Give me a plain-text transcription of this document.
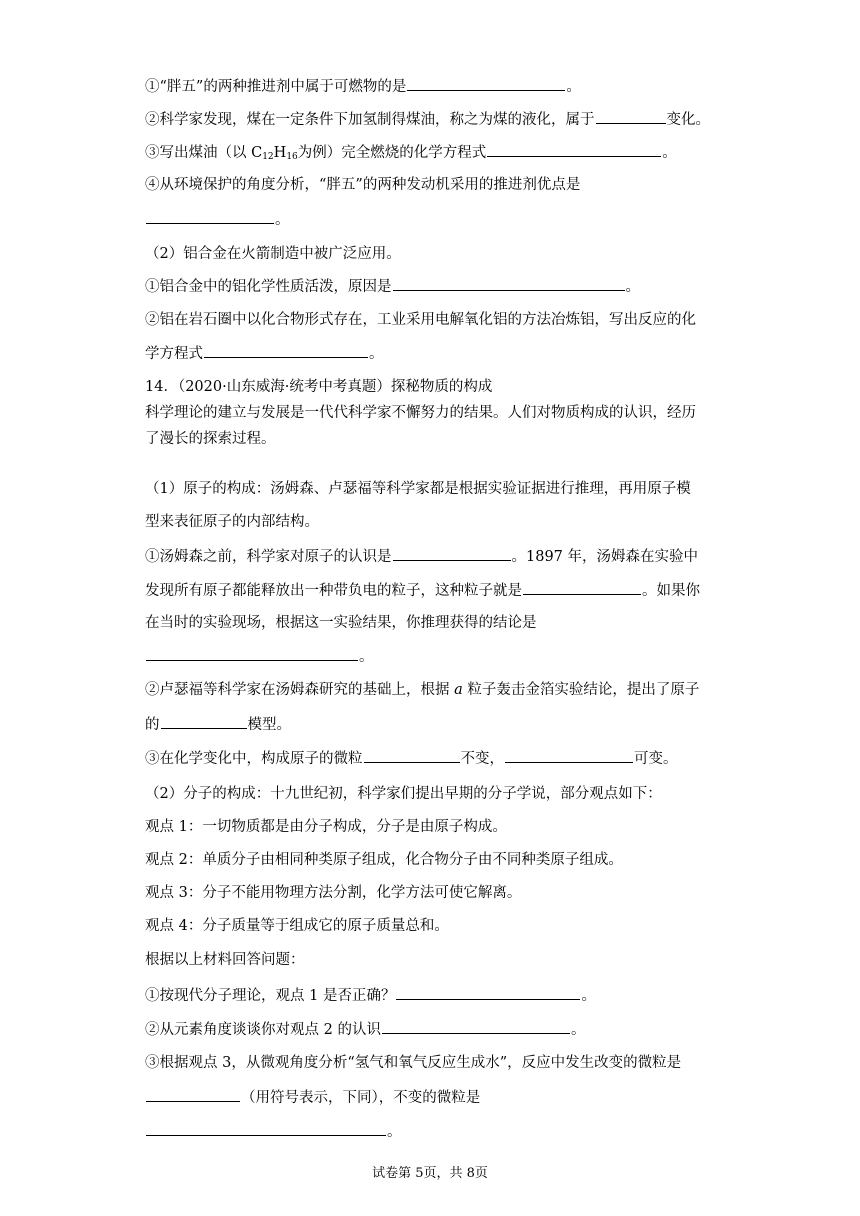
①“胖五”的两种推进剂中属于可燃物的是	。
②科学家发现，煤在一定条件下加氢制得煤油，称之为煤的液化，属于	变化。
③写出煤油（以 $C_{12}H_{16}$为例）完全燃烧的化学方程式	。
④从环境保护的角度分析，“胖五”的两种发动机采用的推进剂优点是
。
（2）铝合金在火箭制造中被广泛应用。
①铝合金中的铝化学性质活泼，原因是	。
②铝在岩石圈中以化合物形式存在，工业采用电解氧化铝的方法冶炼铝，写出反应的化
学方程式	。
14．（2020·山东威海·统考中考真题）探秘物质的构成
科学理论的建立与发展是一代代科学家不懈努力的结果。人们对物质构成的认识，经历
了漫长的探索过程。
（1）原子的构成：汤姆森、卢瑟福等科学家都是根据实验证据进行推理，再用原子模
型来表征原子的内部结构。
①汤姆森之前，科学家对原子的认识是	。1897 年，汤姆森在实验中
发现所有原子都能释放出一种带负电的粒子，这种粒子就是	。如果你
在当时的实验现场，根据这一实验结果，你推理获得的结论是
。
②卢瑟福等科学家在汤姆森研究的基础上，根据 a 粒子轰击金箔实验结论，提出了原子
的	模型。
③在化学变化中，构成原子的微粒	不变，	可变。
（2）分子的构成：十九世纪初，科学家们提出早期的分子学说，部分观点如下：
观点 1：一切物质都是由分子构成，分子是由原子构成。
观点 2：单质分子由相同种类原子组成，化合物分子由不同种类原子组成。
观点 3：分子不能用物理方法分割，化学方法可使它解离。
观点 4：分子质量等于组成它的原子质量总和。
根据以上材料回答问题：
①按现代分子理论，观点 1 是否正确？	。
②从元素角度谈谈你对观点 2 的认识	。
③根据观点 3，从微观角度分析“氢气和氧气反应生成水”，反应中发生改变的微粒是
（用符号表示，下同），不变的微粒是
。
试卷第 5页，共 8页
